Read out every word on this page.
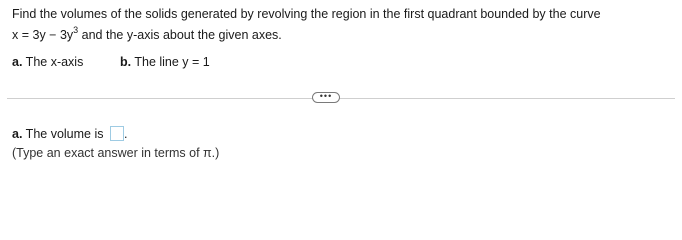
Find the volumes of the solids generated by revolving the region in the first quadrant bounded by the curve
$x = 3y - 3y^3$ and the y-axis about the given axes.
a. The x-axis	b. The line y = 1
•••
a. The volume is .
(Type an exact answer in terms of π.)
